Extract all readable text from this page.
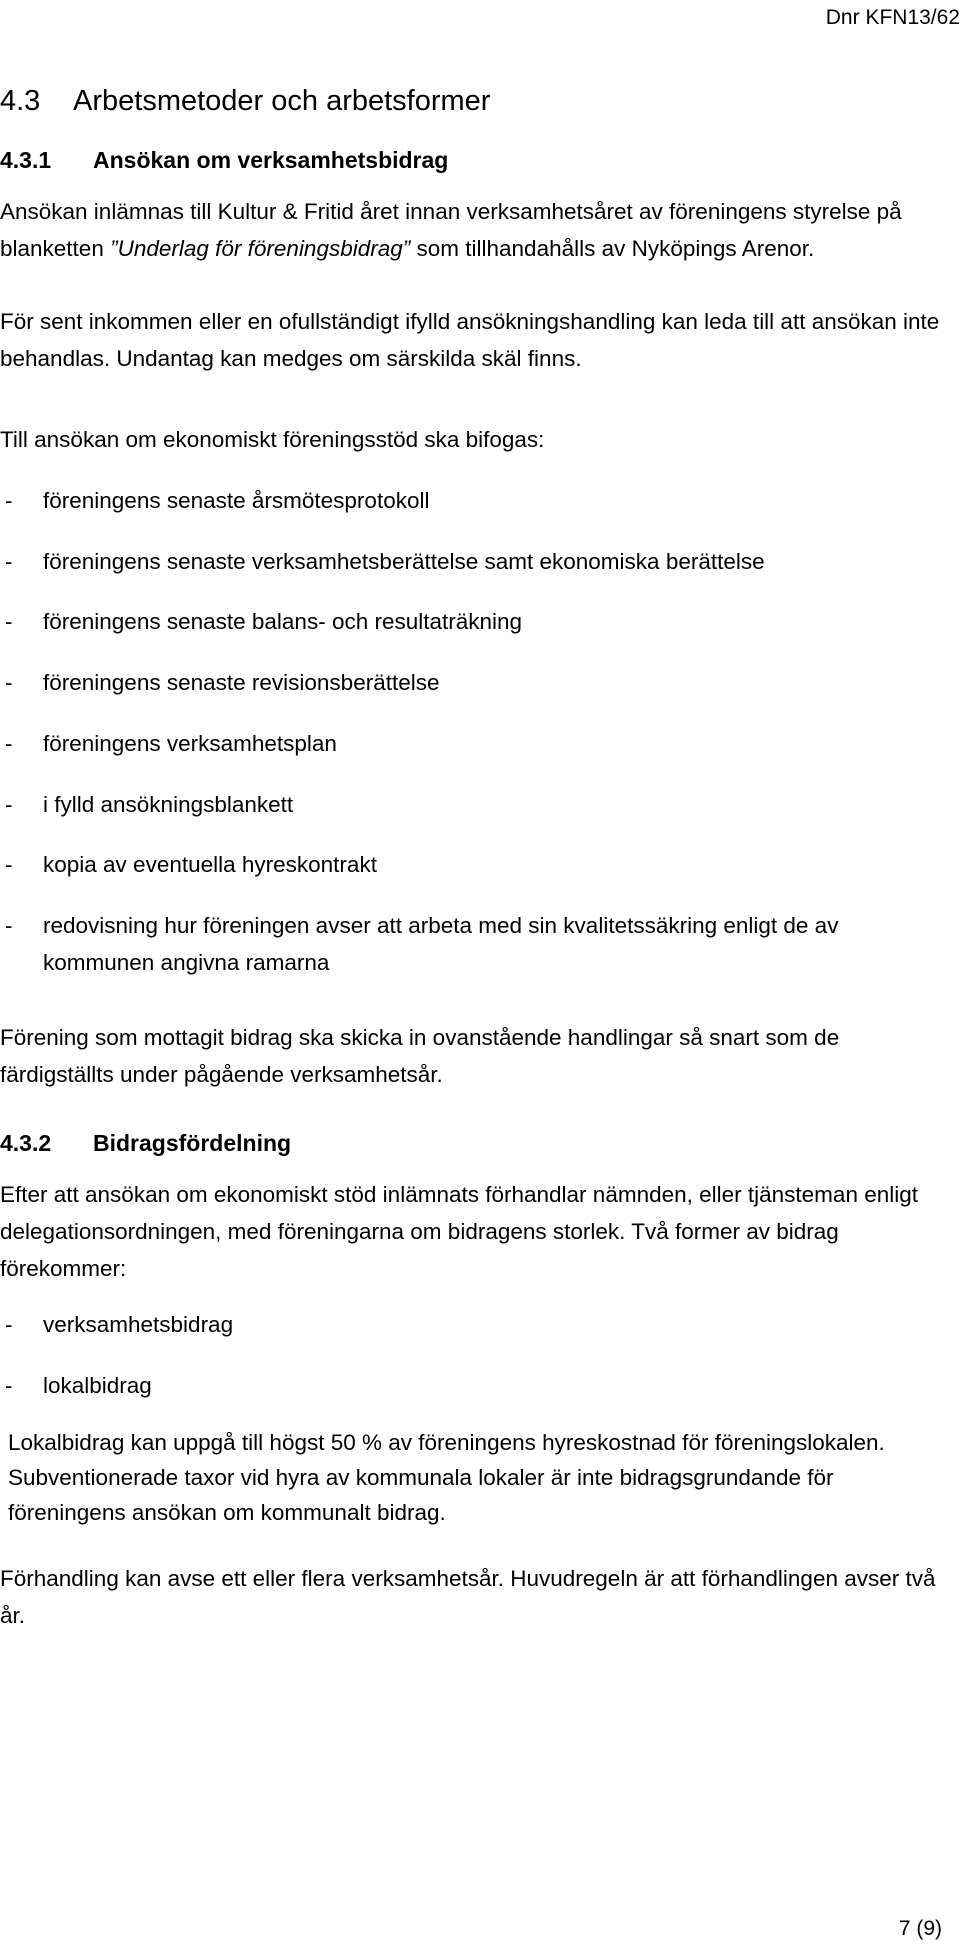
Dnr KFN13/62
4.3 Arbetsmetoder och arbetsformer
4.3.1 Ansökan om verksamhetsbidrag
Ansökan inlämnas till Kultur & Fritid året innan verksamhetsåret av föreningens styrelse på blanketten ”Underlag för föreningsbidrag” som tillhandahålls av Nyköpings Arenor.
För sent inkommen eller en ofullständigt ifylld ansökningshandling kan leda till att ansökan inte behandlas. Undantag kan medges om särskilda skäl finns.
Till ansökan om ekonomiskt föreningsstöd ska bifogas:
- föreningens senaste årsmötesprotokoll
- föreningens senaste verksamhetsberättelse samt ekonomiska berättelse
- föreningens senaste balans- och resultaträkning
- föreningens senaste revisionsberättelse
- föreningens verksamhetsplan
- i fylld ansökningsblankett
- kopia av eventuella hyreskontrakt
- redovisning hur föreningen avser att arbeta med sin kvalitetssäkring enligt de av kommunen angivna ramarna
Förening som mottagit bidrag ska skicka in ovanstående handlingar så snart som de färdigställts under pågående verksamhetsår.
4.3.2 Bidragsfördelning
Efter att ansökan om ekonomiskt stöd inlämnats förhandlar nämnden, eller tjänsteman enligt delegationsordningen, med föreningarna om bidragens storlek. Två former av bidrag förekommer:
- verksamhetsbidrag
- lokalbidrag
Lokalbidrag kan uppgå till högst 50 % av föreningens hyreskostnad för föreningslokalen. Subventionerade taxor vid hyra av kommunala lokaler är inte bidragsgrundande för föreningens ansökan om kommunalt bidrag.
Förhandling kan avse ett eller flera verksamhetsår. Huvudregeln är att förhandlingen avser två år.
7 (9)
